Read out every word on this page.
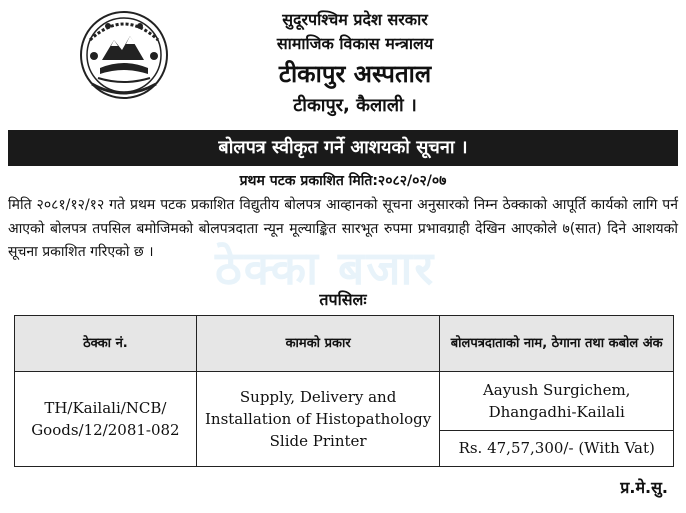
सुदूरपश्चिम प्रदेश सरकार
सामाजिक विकास मन्त्रालय
टीकापुर अस्पताल
टीकापुर, कैलाली ।
बोलपत्र स्वीकृत गर्ने आशयको सूचना ।
प्रथम पटक प्रकाशित मिति:२०८२/०२/०७
ठेक्का बजार
मिति २०८१/१२/१२ गते प्रथम पटक प्रकाशित विद्युतीय बोलपत्र आव्हानको सूचना अनुसारको निम्न ठेक्काको आपूर्ति कार्यको लागि पर्न आएको बोलपत्र तपसिल बमोजिमको बोलपत्रदाता न्यून मूल्याङ्कित सारभूत रुपमा प्रभावग्राही देखिन आएकोले ७(सात) दिने आशयको सूचना प्रकाशित गरिएको छ ।
तपसिलः
ठेक्का नं.	कामको प्रकार	बोलपत्रदाताको नाम, ठेगाना तथा कबोल अंक
TH/Kailali/NCB/ Goods/12/2081-082	Supply, Delivery and Installation of Histopathology Slide Printer	Aayush Surgichem, Dhangadhi-Kailali
		Rs. 47,57,300/- (With Vat)
प्र.मे.सु.
